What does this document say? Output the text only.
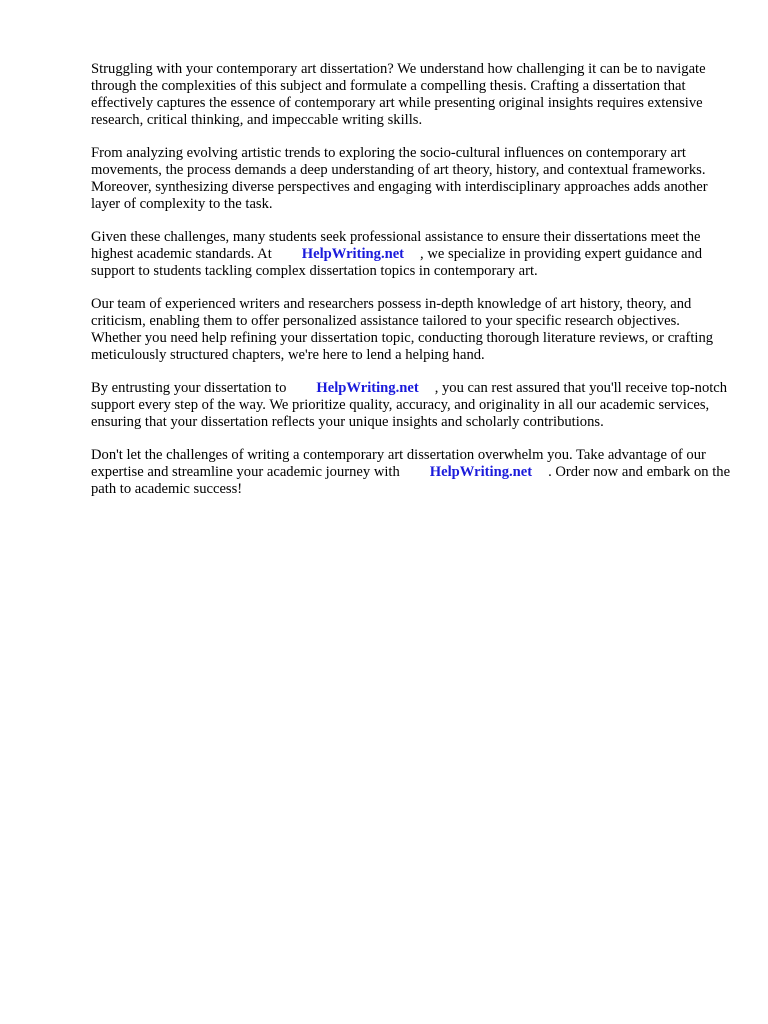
Struggling with your contemporary art dissertation? We understand how challenging it can be to navigate through the complexities of this subject and formulate a compelling thesis. Crafting a dissertation that effectively captures the essence of contemporary art while presenting original insights requires extensive research, critical thinking, and impeccable writing skills.

From analyzing evolving artistic trends to exploring the socio-cultural influences on contemporary art movements, the process demands a deep understanding of art theory, history, and contextual frameworks. Moreover, synthesizing diverse perspectives and engaging with interdisciplinary approaches adds another layer of complexity to the task.

Given these challenges, many students seek professional assistance to ensure their dissertations meet the highest academic standards. At HelpWriting.net , we specialize in providing expert guidance and support to students tackling complex dissertation topics in contemporary art.

Our team of experienced writers and researchers possess in-depth knowledge of art history, theory, and criticism, enabling them to offer personalized assistance tailored to your specific research objectives. Whether you need help refining your dissertation topic, conducting thorough literature reviews, or crafting meticulously structured chapters, we're here to lend a helping hand.

By entrusting your dissertation to HelpWriting.net , you can rest assured that you'll receive top-notch support every step of the way. We prioritize quality, accuracy, and originality in all our academic services, ensuring that your dissertation reflects your unique insights and scholarly contributions.

Don't let the challenges of writing a contemporary art dissertation overwhelm you. Take advantage of our expertise and streamline your academic journey with HelpWriting.net . Order now and embark on the path to academic success!
